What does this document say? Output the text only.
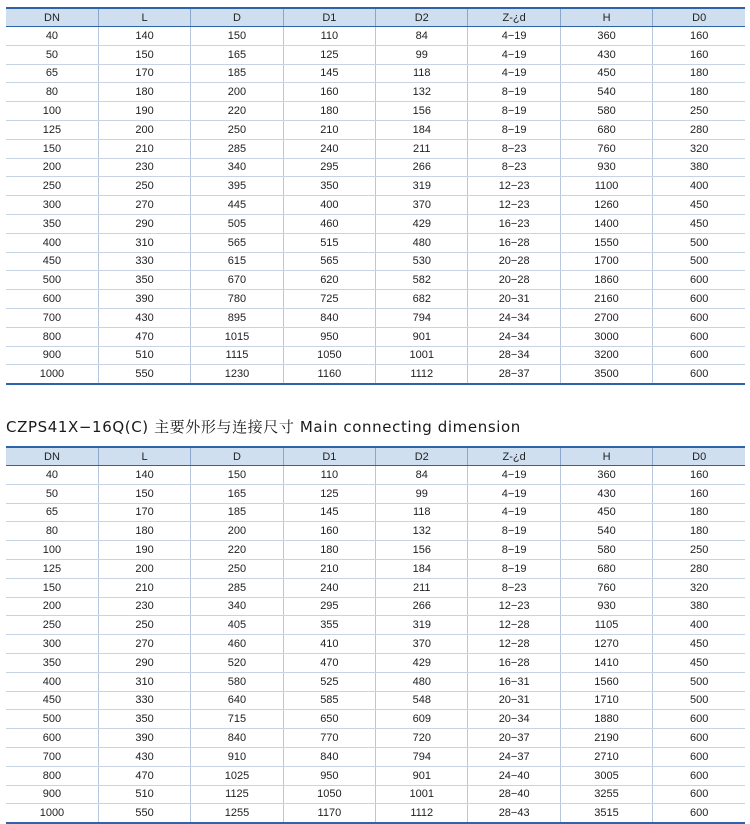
DN	L	D	D1	D2	Z-¿d	H	D0
40	140	150	110	84	4−19	360	160
50	150	165	125	99	4−19	430	160
65	170	185	145	118	4−19	450	180
80	180	200	160	132	8−19	540	180
100	190	220	180	156	8−19	580	250
125	200	250	210	184	8−19	680	280
150	210	285	240	211	8−23	760	320
200	230	340	295	266	8−23	930	380
250	250	395	350	319	12−23	1100	400
300	270	445	400	370	12−23	1260	450
350	290	505	460	429	16−23	1400	450
400	310	565	515	480	16−28	1550	500
450	330	615	565	530	20−28	1700	500
500	350	670	620	582	20−28	1860	600
600	390	780	725	682	20−31	2160	600
700	430	895	840	794	24−34	2700	600
800	470	1015	950	901	24−34	3000	600
900	510	1115	1050	1001	28−34	3200	600
1000	550	1230	1160	1112	28−37	3500	600
CZPS41X−16Q(C) 主要外形与连接尺寸 Main connecting dimension
DN	L	D	D1	D2	Z-¿d	H	D0
40	140	150	110	84	4−19	360	160
50	150	165	125	99	4−19	430	160
65	170	185	145	118	4−19	450	180
80	180	200	160	132	8−19	540	180
100	190	220	180	156	8−19	580	250
125	200	250	210	184	8−19	680	280
150	210	285	240	211	8−23	760	320
200	230	340	295	266	12−23	930	380
250	250	405	355	319	12−28	1105	400
300	270	460	410	370	12−28	1270	450
350	290	520	470	429	16−28	1410	450
400	310	580	525	480	16−31	1560	500
450	330	640	585	548	20−31	1710	500
500	350	715	650	609	20−34	1880	600
600	390	840	770	720	20−37	2190	600
700	430	910	840	794	24−37	2710	600
800	470	1025	950	901	24−40	3005	600
900	510	1125	1050	1001	28−40	3255	600
1000	550	1255	1170	1112	28−43	3515	600
